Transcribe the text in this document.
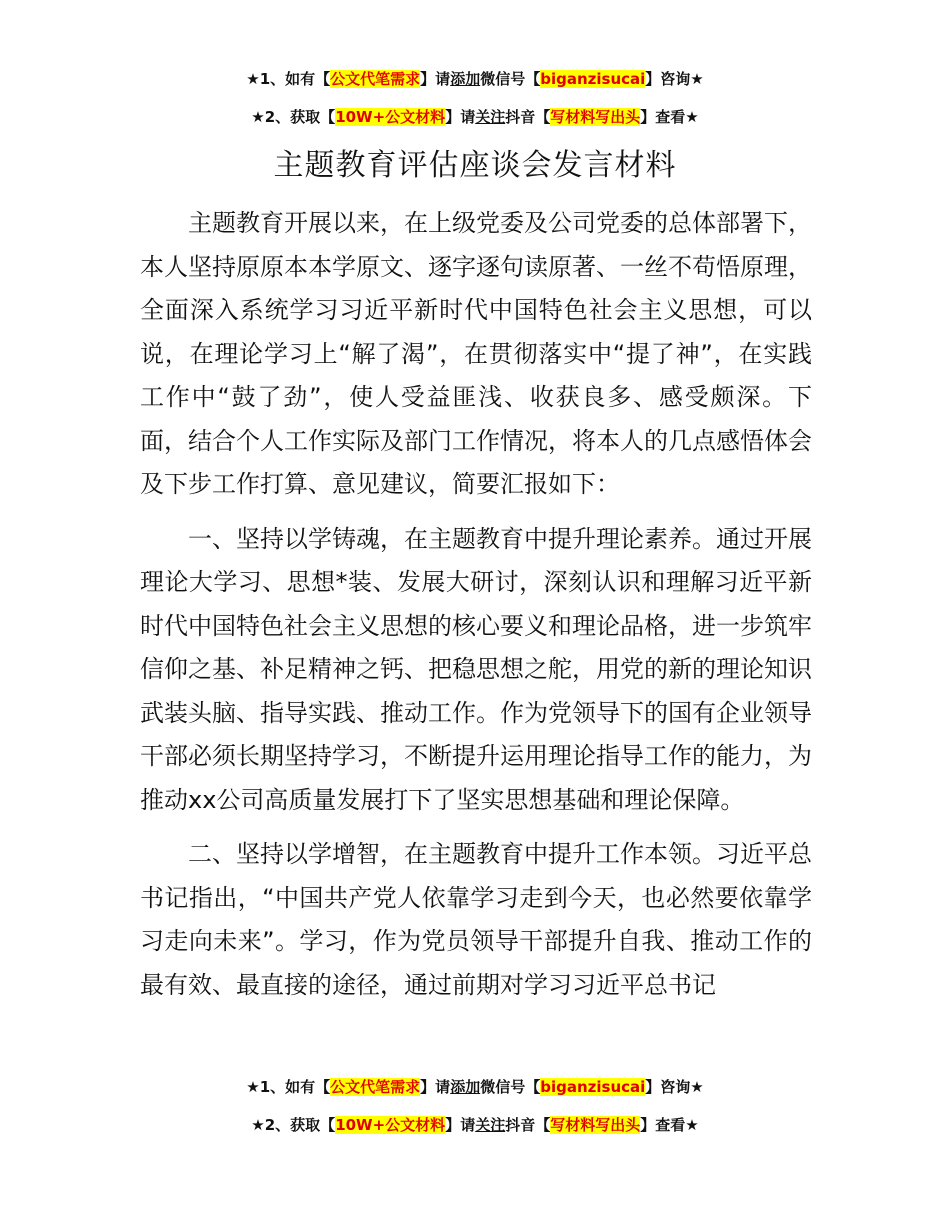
★1、如有【公文代笔需求】请添加微信号【biganzisucai】咨询★
★2、获取【10W+公文材料】请关注抖音【写材料写出头】查看★
主题教育评估座谈会发言材料

主题教育开展以来，在上级党委及公司党委的总体部署下，本人坚持原原本本学原文、逐字逐句读原著、一丝不苟悟原理，全面深入系统学习习近平新时代中国特色社会主义思想，可以说，在理论学习上“解了渴”，在贯彻落实中“提了神”，在实践工作中“鼓了劲”，使人受益匪浅、收获良多、感受颇深。下面，结合个人工作实际及部门工作情况，将本人的几点感悟体会及下步工作打算、意见建议，简要汇报如下：

一、坚持以学铸魂，在主题教育中提升理论素养。通过开展理论大学习、思想*装、发展大研讨，深刻认识和理解习近平新时代中国特色社会主义思想的核心要义和理论品格，进一步筑牢信仰之基、补足精神之钙、把稳思想之舵，用党的新的理论知识武装头脑、指导实践、推动工作。作为党领导下的国有企业领导干部必须长期坚持学习，不断提升运用理论指导工作的能力，为推动xx公司高质量发展打下了坚实思想基础和理论保障。

二、坚持以学增智，在主题教育中提升工作本领。习近平总书记指出，“中国共产党人依靠学习走到今天，也必然要依靠学习走向未来”。学习，作为党员领导干部提升自我、推动工作的最有效、最直接的途径，通过前期对学习习近平总书记

★1、如有【公文代笔需求】请添加微信号【biganzisucai】咨询★
★2、获取【10W+公文材料】请关注抖音【写材料写出头】查看★
